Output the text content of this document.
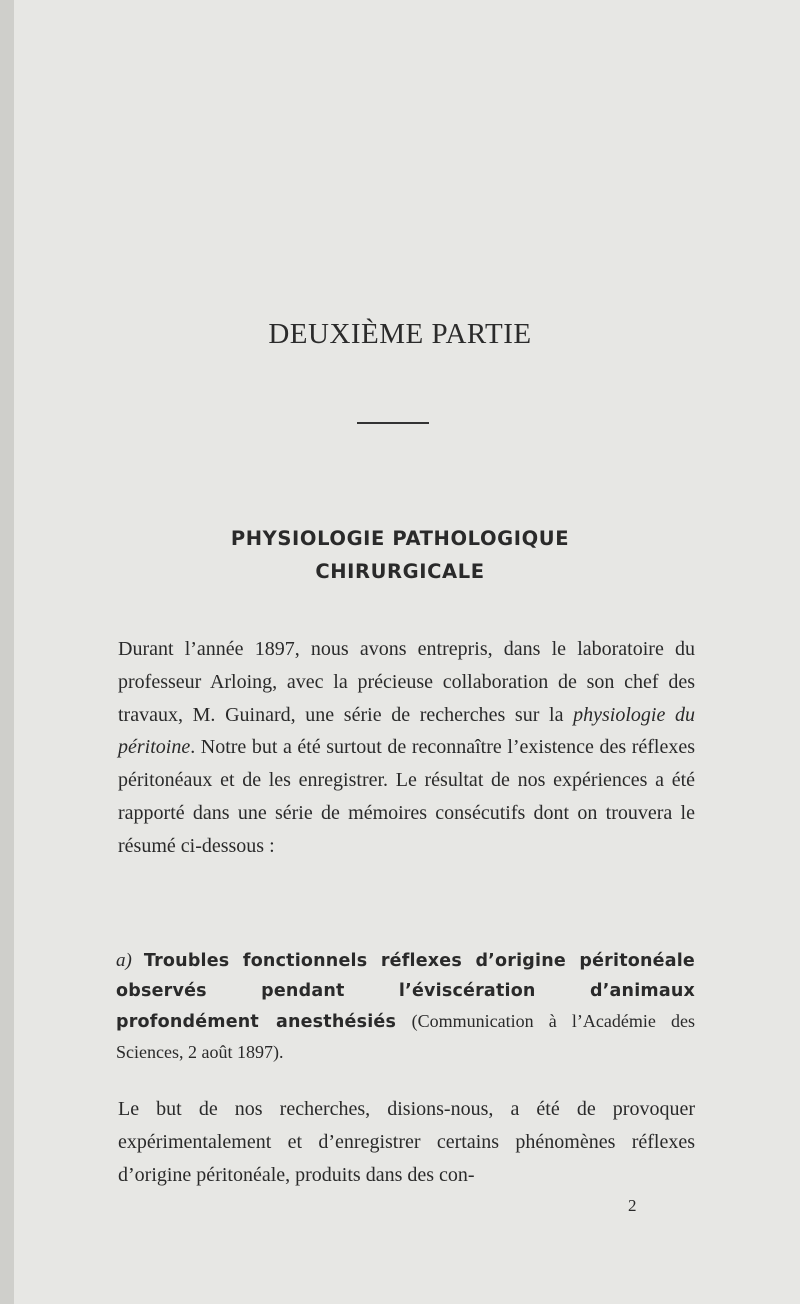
DEUXIÈME PARTIE
PHYSIOLOGIE PATHOLOGIQUE
CHIRURGICALE
Durant l’année 1897, nous avons entrepris, dans le laboratoire du professeur Arloing, avec la précieuse collaboration de son chef des travaux, M. Guinard, une série de recherches sur la physiologie du péritoine. Notre but a été surtout de reconnaître l’existence des réflexes péritonéaux et de les enregistrer. Le résultat de nos expériences a été rapporté dans une série de mémoires consécutifs dont on trouvera le résumé ci-dessous :
a) Troubles fonctionnels réflexes d’origine péritonéale observés pendant l’éviscération d’animaux profondément anesthésiés (Communication à l’Académie des Sciences, 2 août 1897).
Le but de nos recherches, disions-nous, a été de provoquer expérimentalement et d’enregistrer certains phénomènes réflexes d’origine péritonéale, produits dans des con-
2
